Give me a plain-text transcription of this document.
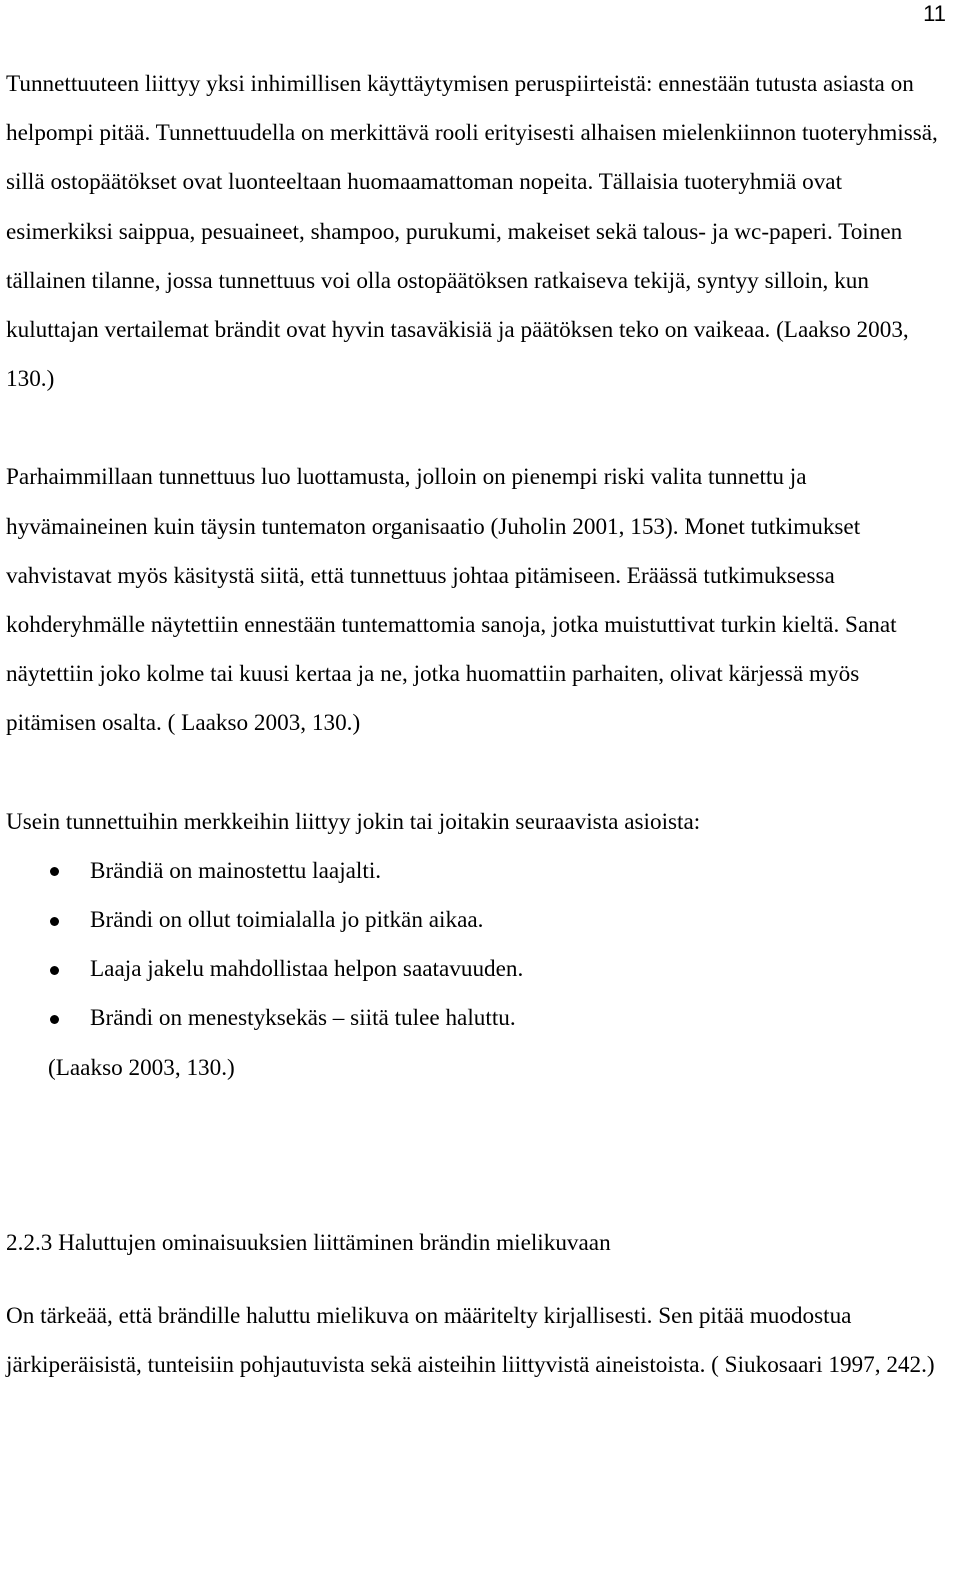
11

Tunnettuuteen liittyy yksi inhimillisen käyttäytymisen peruspiirteistä: ennestään tutusta asiasta on helpompi pitää. Tunnettuudella on merkittävä rooli erityisesti alhaisen mielenkiinnon tuoteryhmissä, sillä ostopäätökset ovat luonteeltaan huomaamattoman nopeita. Tällaisia tuoteryhmiä ovat esimerkiksi saippua, pesuaineet, shampoo, purukumi, makeiset sekä talous- ja wc-paperi. Toinen tällainen tilanne, jossa tunnettuus voi olla ostopäätöksen ratkaiseva tekijä, syntyy silloin, kun kuluttajan vertailemat brändit ovat hyvin tasaväkisiä ja päätöksen teko on vaikeaa. (Laakso 2003, 130.)

Parhaimmillaan tunnettuus luo luottamusta, jolloin on pienempi riski valita tunnettu ja hyvämaineinen kuin täysin tuntematon organisaatio (Juholin 2001, 153). Monet tutkimukset vahvistavat myös käsitystä siitä, että tunnettuus johtaa pitämiseen. Eräässä tutkimuksessa kohderyhmälle näytettiin ennestään tuntemattomia sanoja, jotka muistuttivat turkin kieltä. Sanat näytettiin joko kolme tai kuusi kertaa ja ne, jotka huomattiin parhaiten, olivat kärjessä myös pitämisen osalta. ( Laakso 2003, 130.)

Usein tunnettuihin merkkeihin liittyy jokin tai joitakin seuraavista asioista:

Brändiä on mainostettu laajalti.
Brändi on ollut toimialalla jo pitkän aikaa.
Laaja jakelu mahdollistaa helpon saatavuuden.
Brändi on menestyksekäs – siitä tulee haluttu.

(Laakso 2003, 130.)

2.2.3 Haluttujen ominaisuuksien liittäminen brändin mielikuvaan

On tärkeää, että brändille haluttu mielikuva on määritelty kirjallisesti. Sen pitää muodostua järkiperäisistä, tunteisiin pohjautuvista sekä aisteihin liittyvistä aineistoista. ( Siukosaari 1997, 242.)
